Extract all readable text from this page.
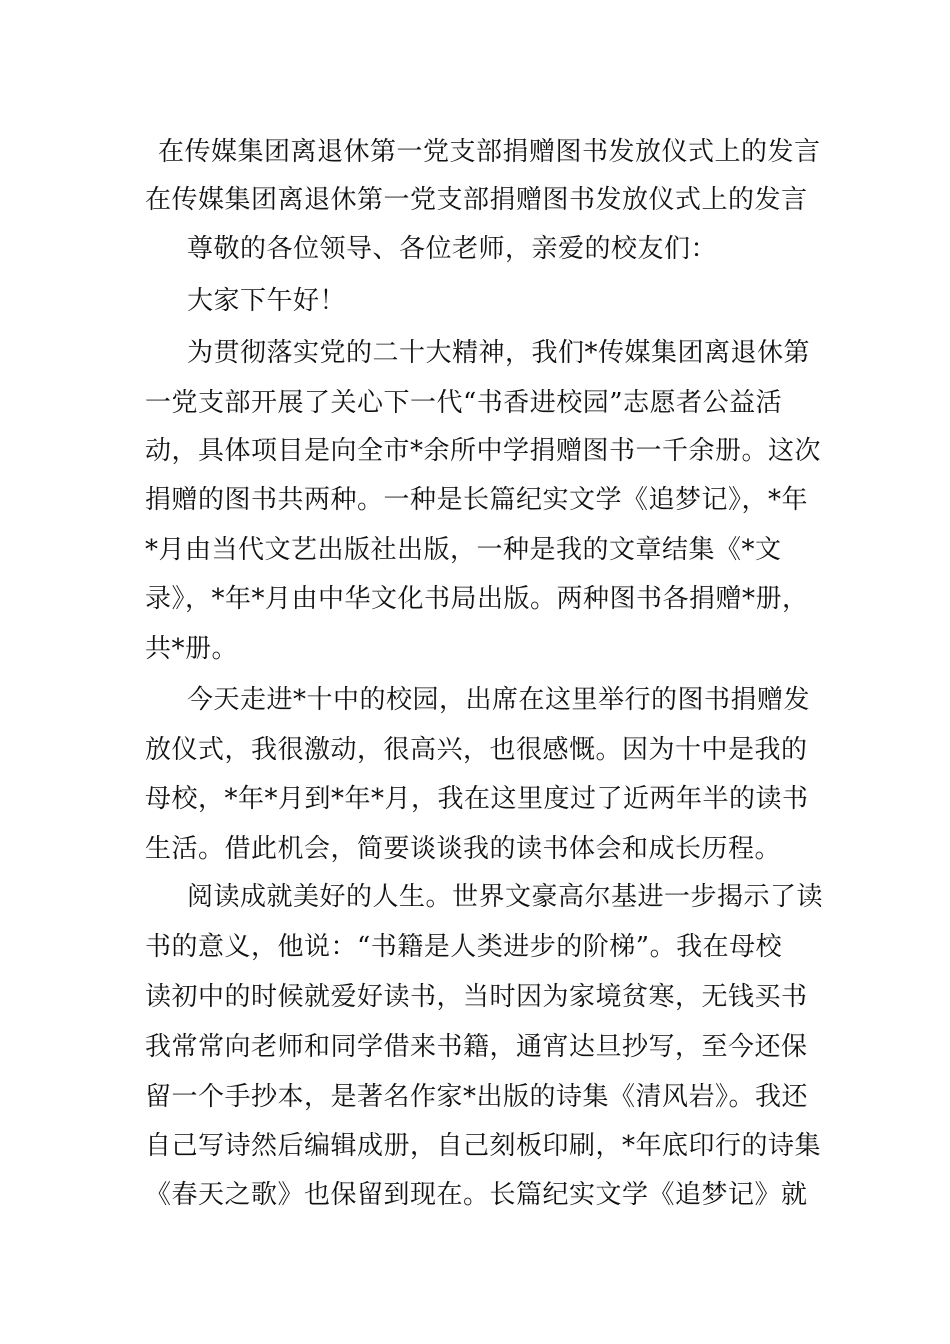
在传媒集团离退休第一党支部捐赠图书发放仪式上的发言
在传媒集团离退休第一党支部捐赠图书发放仪式上的发言
尊敬的各位领导、各位老师，亲爱的校友们：
大家下午好！
为贯彻落实党的二十大精神，我们*传媒集团离退休第
一党支部开展了关心下一代“书香进校园”志愿者公益活
动，具体项目是向全市*余所中学捐赠图书一千余册。这次
捐赠的图书共两种。一种是长篇纪实文学《追梦记》，*年
*月由当代文艺出版社出版，一种是我的文章结集《*文
录》，*年*月由中华文化书局出版。两种图书各捐赠*册，
共*册。
今天走进*十中的校园，出席在这里举行的图书捐赠发
放仪式，我很激动，很高兴，也很感慨。因为十中是我的
母校，*年*月到*年*月，我在这里度过了近两年半的读书
生活。借此机会，简要谈谈我的读书体会和成长历程。
阅读成就美好的人生。世界文豪高尔基进一步揭示了读
书的意义，他说：“书籍是人类进步的阶梯”。我在母校
读初中的时候就爱好读书，当时因为家境贫寒，无钱买书
我常常向老师和同学借来书籍，通宵达旦抄写，至今还保
留一个手抄本，是著名作家*出版的诗集《清风岩》。我还
自己写诗然后编辑成册，自己刻板印刷，*年底印行的诗集
《春天之歌》也保留到现在。长篇纪实文学《追梦记》就
